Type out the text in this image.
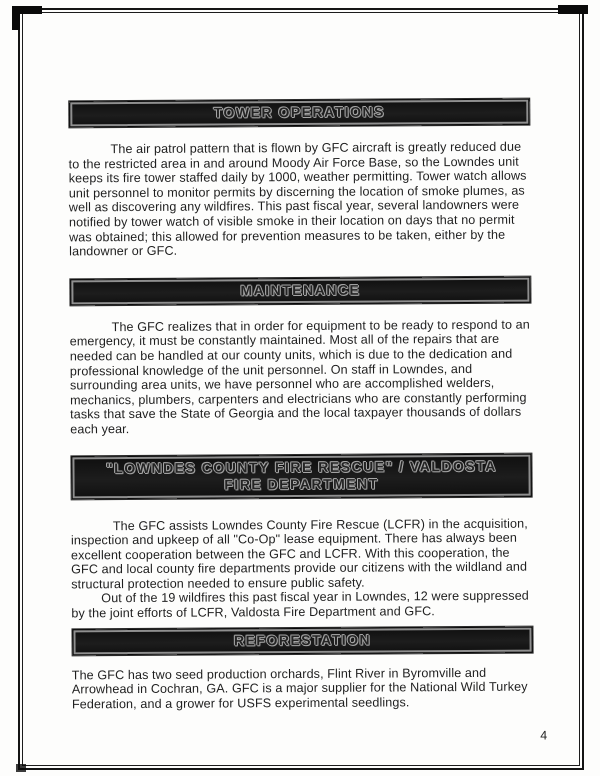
TOWER OPERATIONS

The air patrol pattern that is flown by GFC aircraft is greatly reduced due to the restricted area in and around Moody Air Force Base, so the Lowndes unit keeps its fire tower staffed daily by 1000, weather permitting. Tower watch allows unit personnel to monitor permits by discerning the location of smoke plumes, as well as discovering any wildfires. This past fiscal year, several landowners were notified by tower watch of visible smoke in their location on days that no permit was obtained; this allowed for prevention measures to be taken, either by the landowner or GFC.

MAINTENANCE

The GFC realizes that in order for equipment to be ready to respond to an emergency, it must be constantly maintained. Most all of the repairs that are needed can be handled at our county units, which is due to the dedication and professional knowledge of the unit personnel. On staff in Lowndes, and surrounding area units, we have personnel who are accomplished welders, mechanics, plumbers, carpenters and electricians who are constantly performing tasks that save the State of Georgia and the local taxpayer thousands of dollars each year.

"LOWNDES COUNTY FIRE RESCUE" / VALDOSTA FIRE DEPARTMENT

The GFC assists Lowndes County Fire Rescue (LCFR) in the acquisition, inspection and upkeep of all "Co-Op" lease equipment. There has always been excellent cooperation between the GFC and LCFR. With this cooperation, the GFC and local county fire departments provide our citizens with the wildland and structural protection needed to ensure public safety.

Out of the 19 wildfires this past fiscal year in Lowndes, 12 were suppressed by the joint efforts of LCFR, Valdosta Fire Department and GFC.

REFORESTATION

The GFC has two seed production orchards, Flint River in Byromville and Arrowhead in Cochran, GA. GFC is a major supplier for the National Wild Turkey Federation, and a grower for USFS experimental seedlings.

4
